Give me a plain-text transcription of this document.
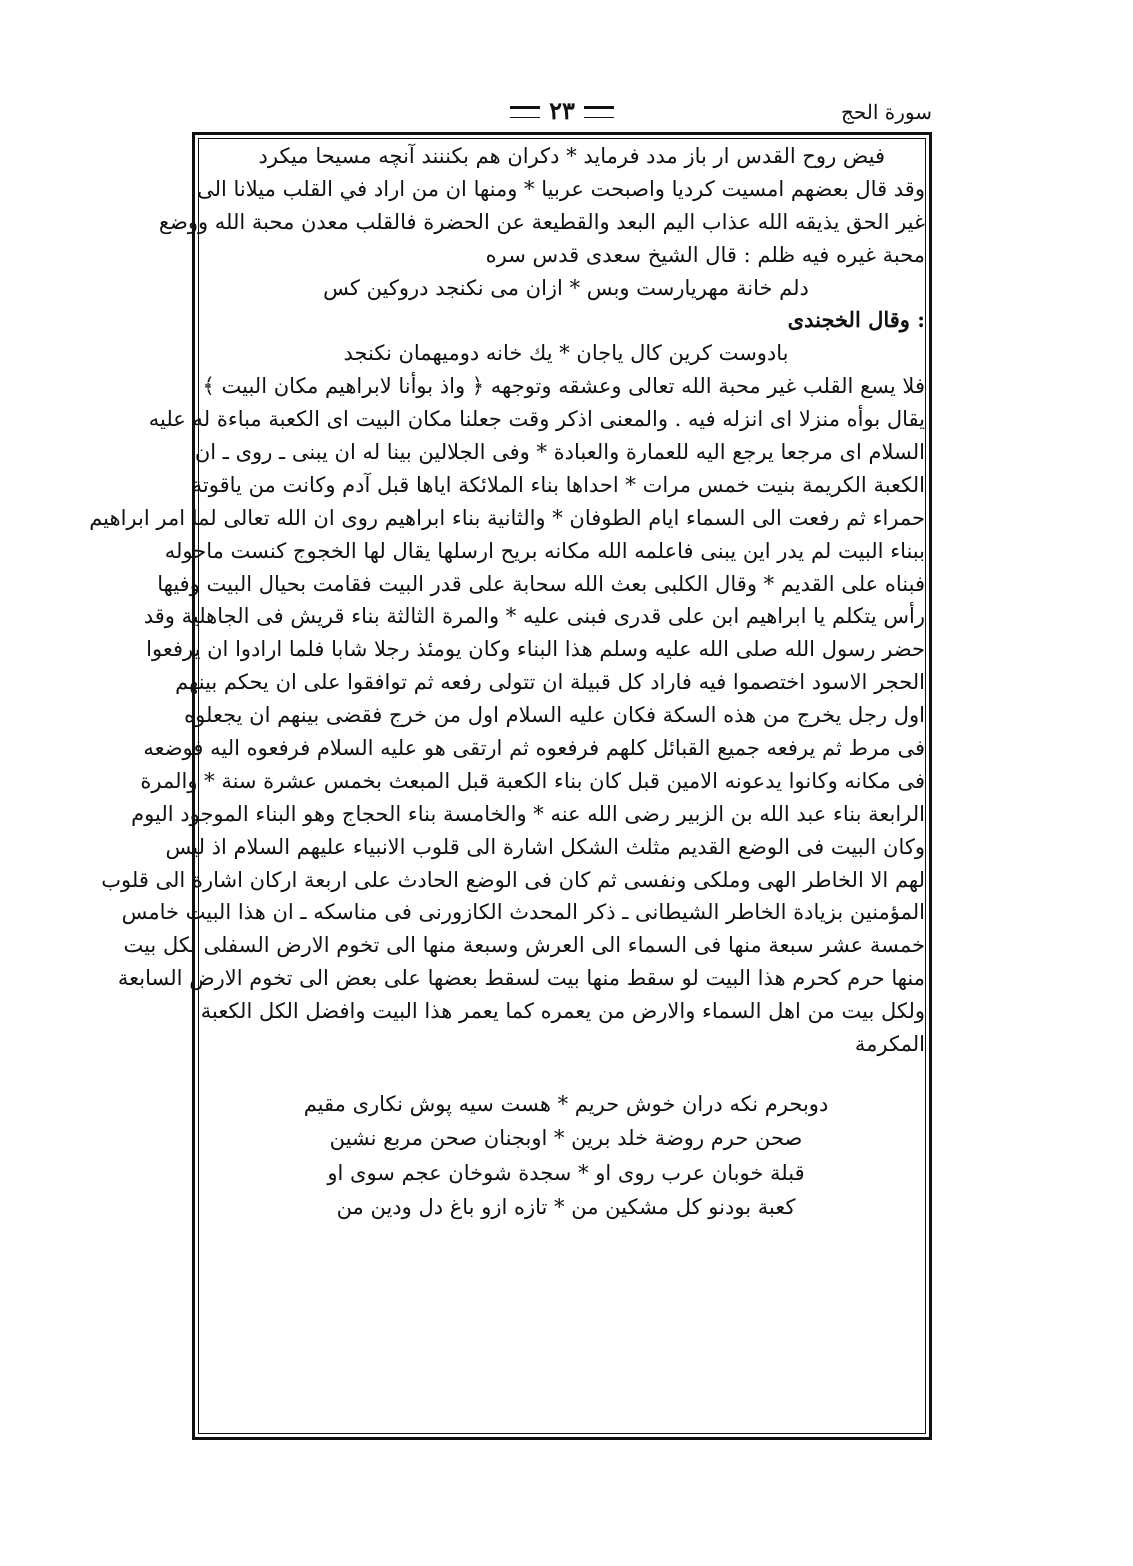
سورة الحج
٢٣
فيض روح القدس ار باز مدد فرمايد * دكران هم بكننند آنچه مسيحا ميكرد
وقد قال بعضهم امسيت كرديا واصبحت عربيا * ومنها ان من اراد في القلب ميلانا الى
غير الحق يذيقه الله عذاب اليم البعد والقطيعة عن الحضرة فالقلب معدن محبة الله ووضع
محبة غيره فيه ظلم : قال الشيخ سعدى قدس سره
دلم خانة مهريارست وبس * ازان مى نكنجد دروكين كس
: وقال الخجندى
بادوست كرين كال ياجان * يك خانه دوميهمان نكنجد
فلا يسع القلب غير محبة الله تعالى وعشقه وتوجهه ﴿ واذ بوأنا لابراهيم مكان البيت ﴾
يقال بوأه منزلا اى انزله فيه . والمعنى اذكر وقت جعلنا مكان البيت اى الكعبة مباءة له عليه
السلام اى مرجعا يرجع اليه للعمارة والعبادة * وفى الجلالين بينا له ان يبنى ـ روى ـ ان
الكعبة الكريمة بنيت خمس مرات * احداها بناء الملائكة اياها قبل آدم وكانت من ياقوتة
حمراء ثم رفعت الى السماء ايام الطوفان * والثانية بناء ابراهيم روى ان الله تعالى لما امر ابراهيم
ببناء البيت لم يدر اين يبنى فاعلمه الله مكانه بريح ارسلها يقال لها الخجوج كنست ماحوله
فبناه على القديم * وقال الكلبى بعث الله سحابة على قدر البيت فقامت بحيال البيت وفيها
رأس يتكلم يا ابراهيم ابن على قدرى فبنى عليه * والمرة الثالثة بناء قريش فى الجاهلية وقد
حضر رسول الله صلى الله عليه وسلم هذا البناء وكان يومئذ رجلا شابا فلما ارادوا ان يرفعوا
الحجر الاسود اختصموا فيه فاراد كل قبيلة ان تتولى رفعه ثم توافقوا على ان يحكم بينهم
اول رجل يخرج من هذه السكة فكان عليه السلام اول من خرج فقضى بينهم ان يجعلوه
فى مرط ثم يرفعه جميع القبائل كلهم فرفعوه ثم ارتقى هو عليه السلام فرفعوه اليه فوضعه
فى مكانه وكانوا يدعونه الامين قبل كان بناء الكعبة قبل المبعث بخمس عشرة سنة * والمرة
الرابعة بناء عبد الله بن الزبير رضى الله عنه * والخامسة بناء الحجاج وهو البناء الموجود اليوم
وكان البيت فى الوضع القديم مثلث الشكل اشارة الى قلوب الانبياء عليهم السلام اذ ليس
لهم الا الخاطر الهى وملكى ونفسى ثم كان فى الوضع الحادث على اربعة اركان اشارة الى قلوب
المؤمنين بزيادة الخاطر الشيطانى ـ ذكر المحدث الكازورنى فى مناسكه ـ ان هذا البيت خامس
خمسة عشر سبعة منها فى السماء الى العرش وسبعة منها الى تخوم الارض السفلى لكل بيت
منها حرم كحرم هذا البيت لو سقط منها بيت لسقط بعضها على بعض الى تخوم الارض السابعة
ولكل بيت من اهل السماء والارض من يعمره كما يعمر هذا البيت وافضل الكل الكعبة
المكرمة
دوبحرم نكه دران خوش حريم * هست سيه پوش نكارى مقيم
صحن حرم روضة خلد برين * اوبجنان صحن مربع نشين
قبلة خوبان عرب روى او * سجدة شوخان عجم سوى او
كعبة بودنو كل مشكين من * تازه ازو باغ دل ودين من
